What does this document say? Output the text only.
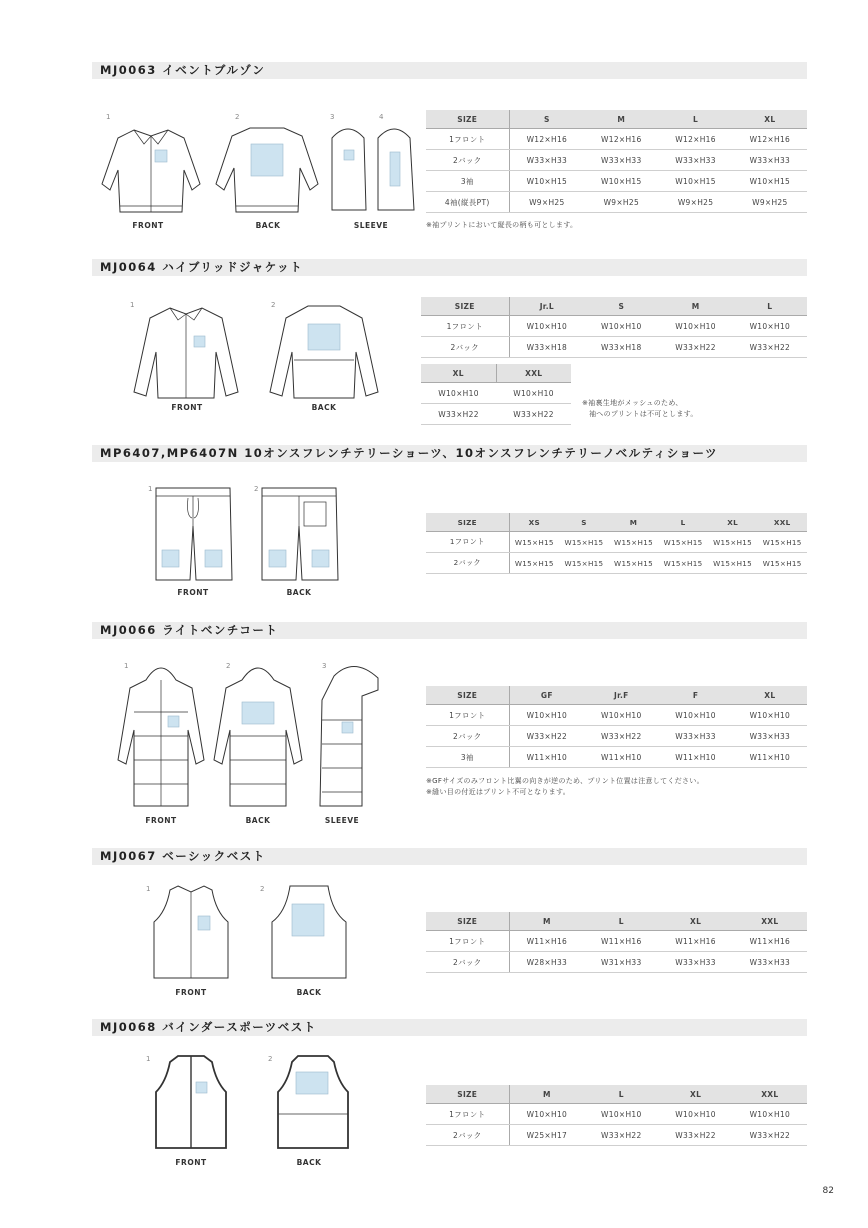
MJ0063 イベントブルゾン
1	2	3	4
FRONT	BACK	SLEEVE
SIZE	S	M	L	XL
1フロント	W12×H16	W12×H16	W12×H16	W12×H16
2バック	W33×H33	W33×H33	W33×H33	W33×H33
3袖	W10×H15	W10×H15	W10×H15	W10×H15
4袖(縦長PT)	W9×H25	W9×H25	W9×H25	W9×H25
※袖プリントにおいて縦長の柄も可とします。
MJ0064 ハイブリッドジャケット
1	2
FRONT	BACK
SIZE	Jr.L	S	M	L
1フロント	W10×H10	W10×H10	W10×H10	W10×H10
2バック	W33×H18	W33×H18	W33×H22	W33×H22
XL	XXL
W10×H10	W10×H10
W33×H22	W33×H22
※袖裏生地がメッシュのため、
袖へのプリントは不可とします。
MP6407,MP6407N 10オンスフレンチテリーショーツ、10オンスフレンチテリーノベルティショーツ
1	2
FRONT	BACK
SIZE	XS	S	M	L	XL	XXL
1フロント	W15×H15	W15×H15	W15×H15	W15×H15	W15×H15	W15×H15
2バック	W15×H15	W15×H15	W15×H15	W15×H15	W15×H15	W15×H15
MJ0066 ライトベンチコート
1	2	3
FRONT	BACK	SLEEVE
SIZE	GF	Jr.F	F	XL
1フロント	W10×H10	W10×H10	W10×H10	W10×H10
2バック	W33×H22	W33×H22	W33×H33	W33×H33
3袖	W11×H10	W11×H10	W11×H10	W11×H10
※GFサイズのみフロント比翼の向きが逆のため、プリント位置は注意してください。
※縫い目の付近はプリント不可となります。
MJ0067 ベーシックベスト
1	2
FRONT	BACK
SIZE	M	L	XL	XXL
1フロント	W11×H16	W11×H16	W11×H16	W11×H16
2バック	W28×H33	W31×H33	W33×H33	W33×H33
MJ0068 バインダースポーツベスト
1	2
FRONT	BACK
SIZE	M	L	XL	XXL
1フロント	W10×H10	W10×H10	W10×H10	W10×H10
2バック	W25×H17	W33×H22	W33×H22	W33×H22
82
